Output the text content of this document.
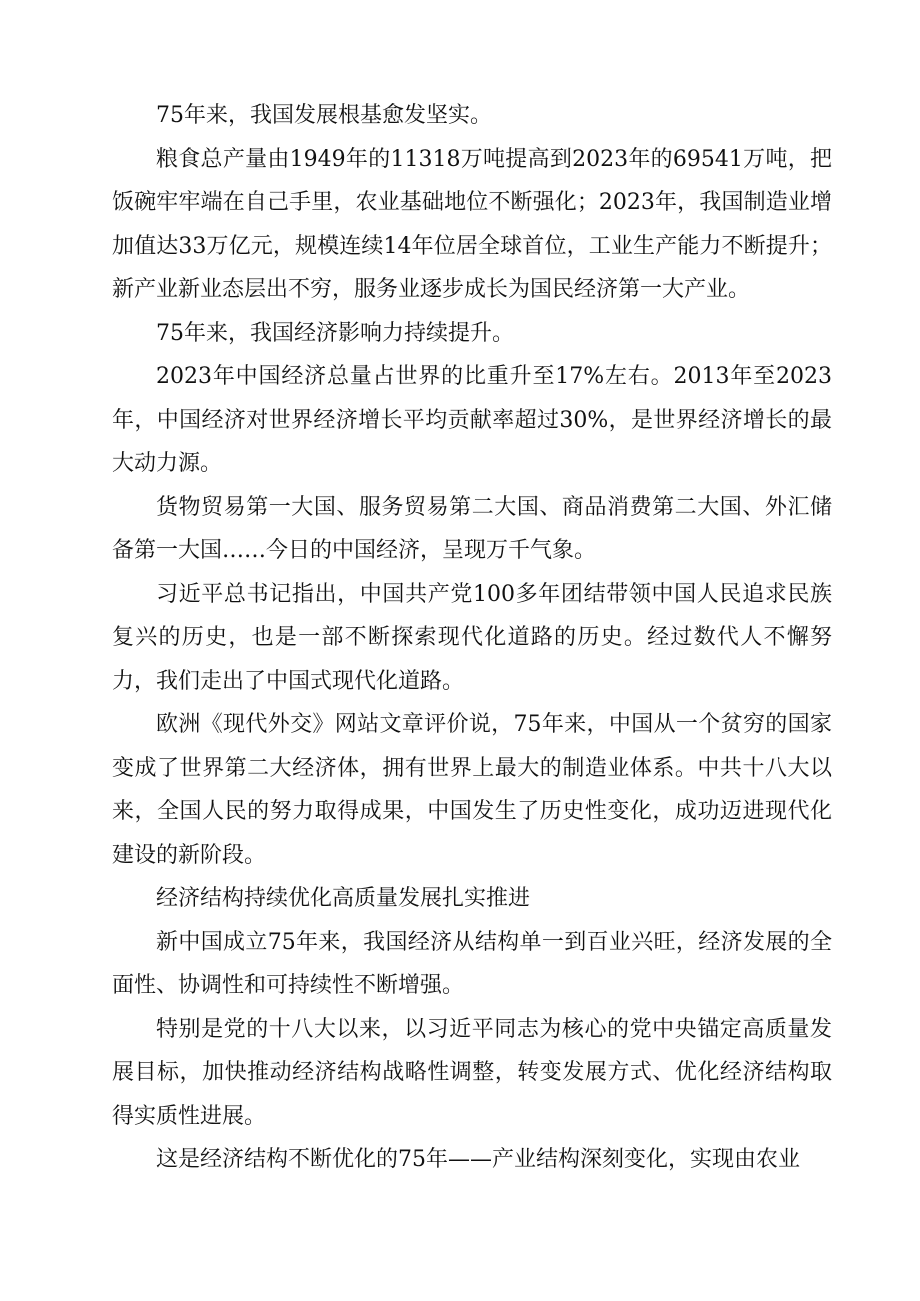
75年来，我国发展根基愈发坚实。

粮食总产量由1949年的11318万吨提高到2023年的69541万吨，把饭碗牢牢端在自己手里，农业基础地位不断强化；2023年，我国制造业增加值达33万亿元，规模连续14年位居全球首位，工业生产能力不断提升；新产业新业态层出不穷，服务业逐步成长为国民经济第一大产业。

75年来，我国经济影响力持续提升。

2023年中国经济总量占世界的比重升至17%左右。2013年至2023年，中国经济对世界经济增长平均贡献率超过30%，是世界经济增长的最大动力源。

货物贸易第一大国、服务贸易第二大国、商品消费第二大国、外汇储备第一大国……今日的中国经济，呈现万千气象。

习近平总书记指出，中国共产党100多年团结带领中国人民追求民族复兴的历史，也是一部不断探索现代化道路的历史。经过数代人不懈努力，我们走出了中国式现代化道路。

欧洲《现代外交》网站文章评价说，75年来，中国从一个贫穷的国家变成了世界第二大经济体，拥有世界上最大的制造业体系。中共十八大以来，全国人民的努力取得成果，中国发生了历史性变化，成功迈进现代化建设的新阶段。

经济结构持续优化高质量发展扎实推进

新中国成立75年来，我国经济从结构单一到百业兴旺，经济发展的全面性、协调性和可持续性不断增强。

特别是党的十八大以来，以习近平同志为核心的党中央锚定高质量发展目标，加快推动经济结构战略性调整，转变发展方式、优化经济结构取得实质性进展。

这是经济结构不断优化的75年——产业结构深刻变化，实现由农业
